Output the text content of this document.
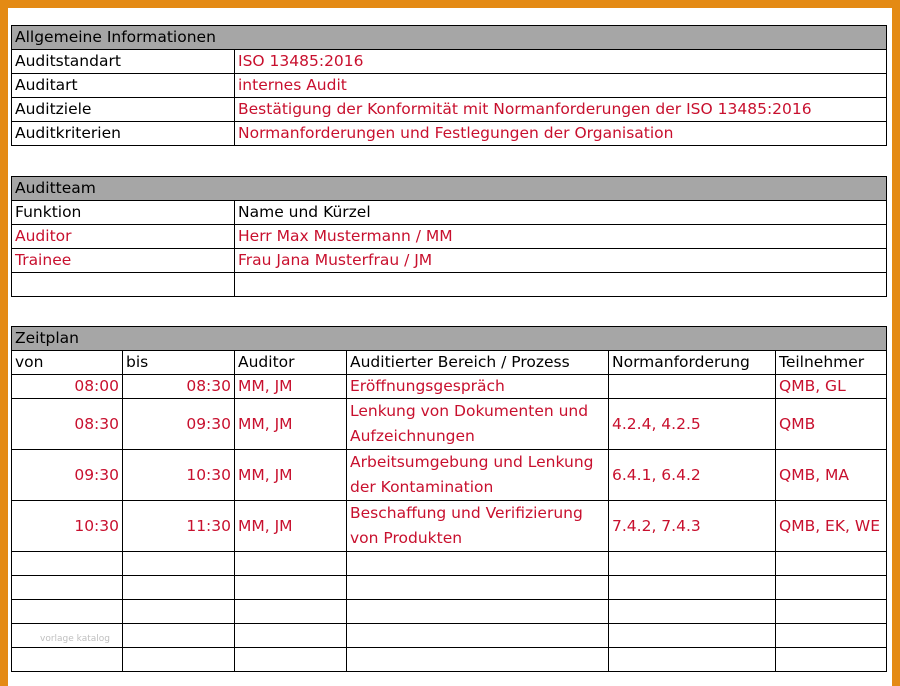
Allgemeine Informationen	
Auditstandart	ISO 13485:2016
Auditart	internes Audit
Auditziele	Bestätigung der Konformität mit Normanforderungen der ISO 13485:2016
Auditkriterien	Normanforderungen und Festlegungen der Organisation
Auditteam	
Funktion	Name und Kürzel
Auditor	Herr Max Mustermann / MM
Trainee	Frau Jana Musterfrau / JM

Zeitplan					
von	bis	Auditor	Auditierter Bereich / Prozess	Normanforderung	Teilnehmer
08:00	08:30	MM, JM	Eröffnungsgespräch		QMB, GL
08:30	09:30	MM, JM	Lenkung von Dokumenten und Aufzeichnungen	4.2.4, 4.2.5	QMB
09:30	10:30	MM, JM	Arbeitsumgebung und Lenkung der Kontamination	6.4.1, 6.4.2	QMB, MA
10:30	11:30	MM, JM	Beschaffung und Verifizierung von Produkten	7.4.2, 7.4.3	QMB, EK, WE

vorlage katalog
